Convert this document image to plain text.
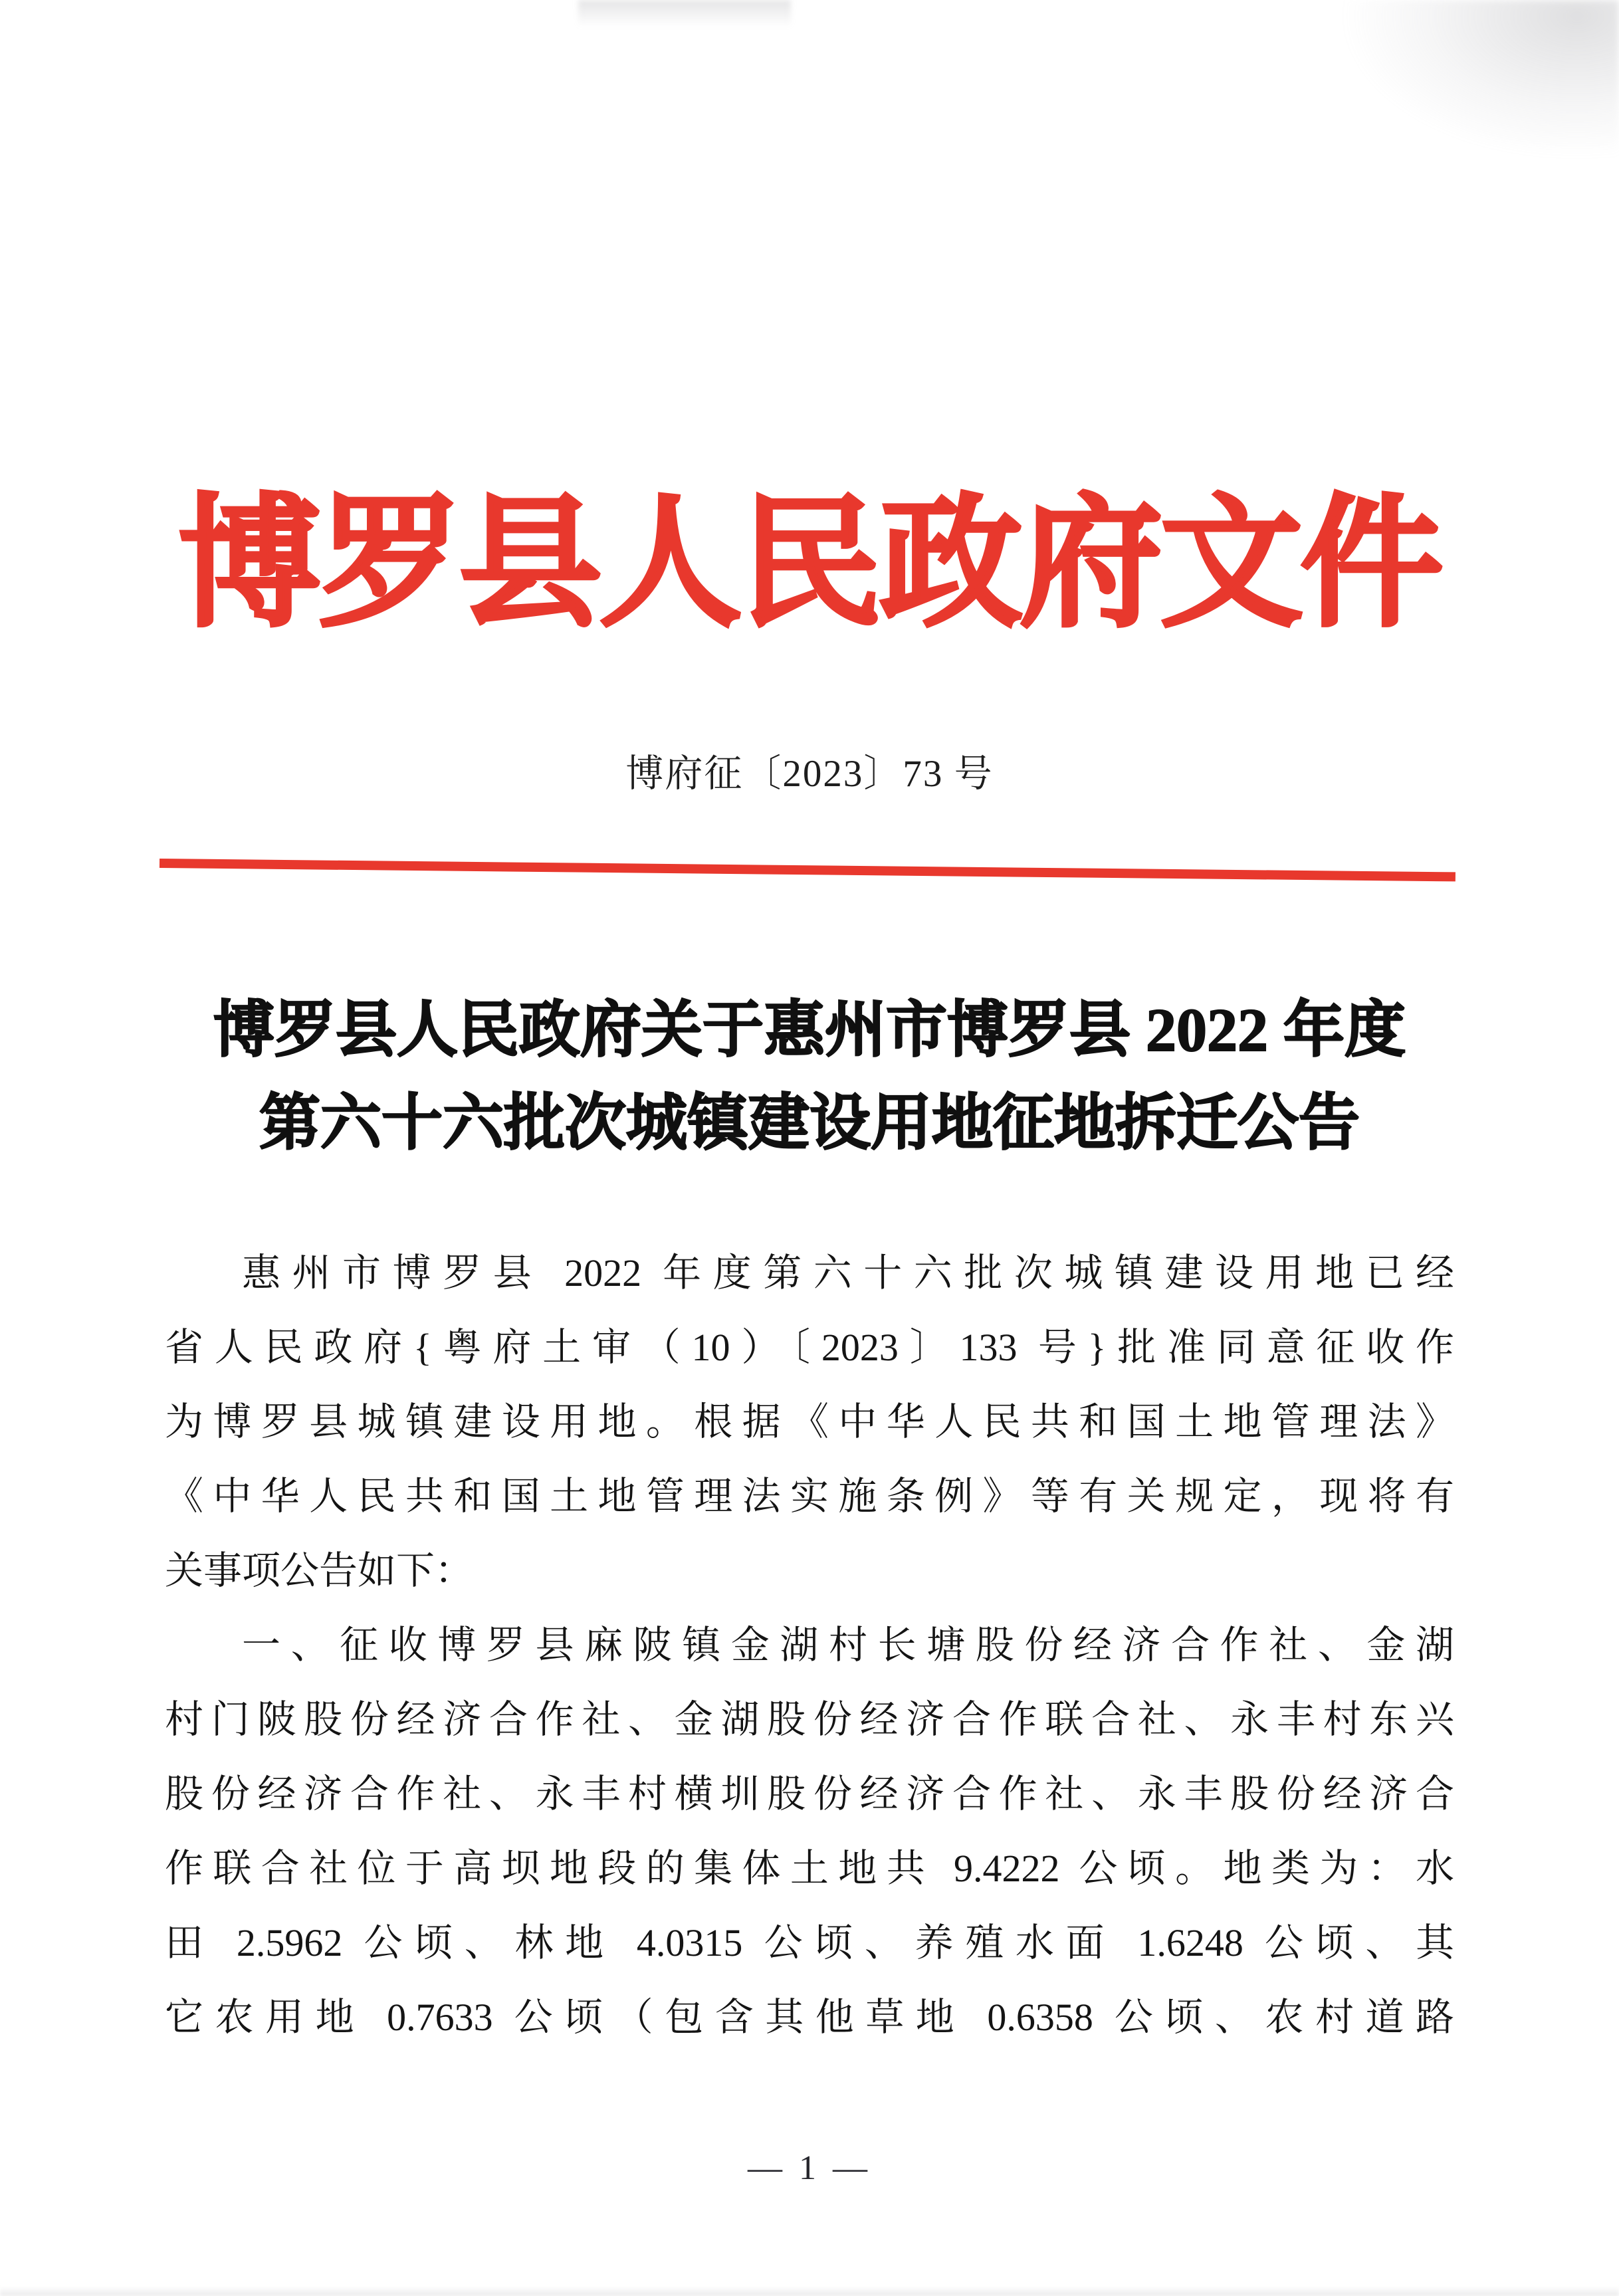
博罗县人民政府文件
博府征〔2023〕73 号
博罗县人民政府关于惠州市博罗县 2022 年度
第六十六批次城镇建设用地征地拆迁公告
惠州市博罗县 2022 年度第六十六批次城镇建设用地已经
省人民政府{粤府土审（10）〔2023〕133 号}批准同意征收作
为博罗县城镇建设用地。根据《中华人民共和国土地管理法》
《中华人民共和国土地管理法实施条例》等有关规定，现将有
关事项公告如下：
一、征收博罗县麻陂镇金湖村长塘股份经济合作社、金湖
村门陂股份经济合作社、金湖股份经济合作联合社、永丰村东兴
股份经济合作社、永丰村横圳股份经济合作社、永丰股份经济合
作联合社位于高坝地段的集体土地共 9.4222 公顷。地类为：水
田 2.5962 公顷、林地 4.0315 公顷、养殖水面 1.6248 公顷、其
它农用地 0.7633 公顷（包含其他草地 0.6358 公顷、农村道路
— 1 —
